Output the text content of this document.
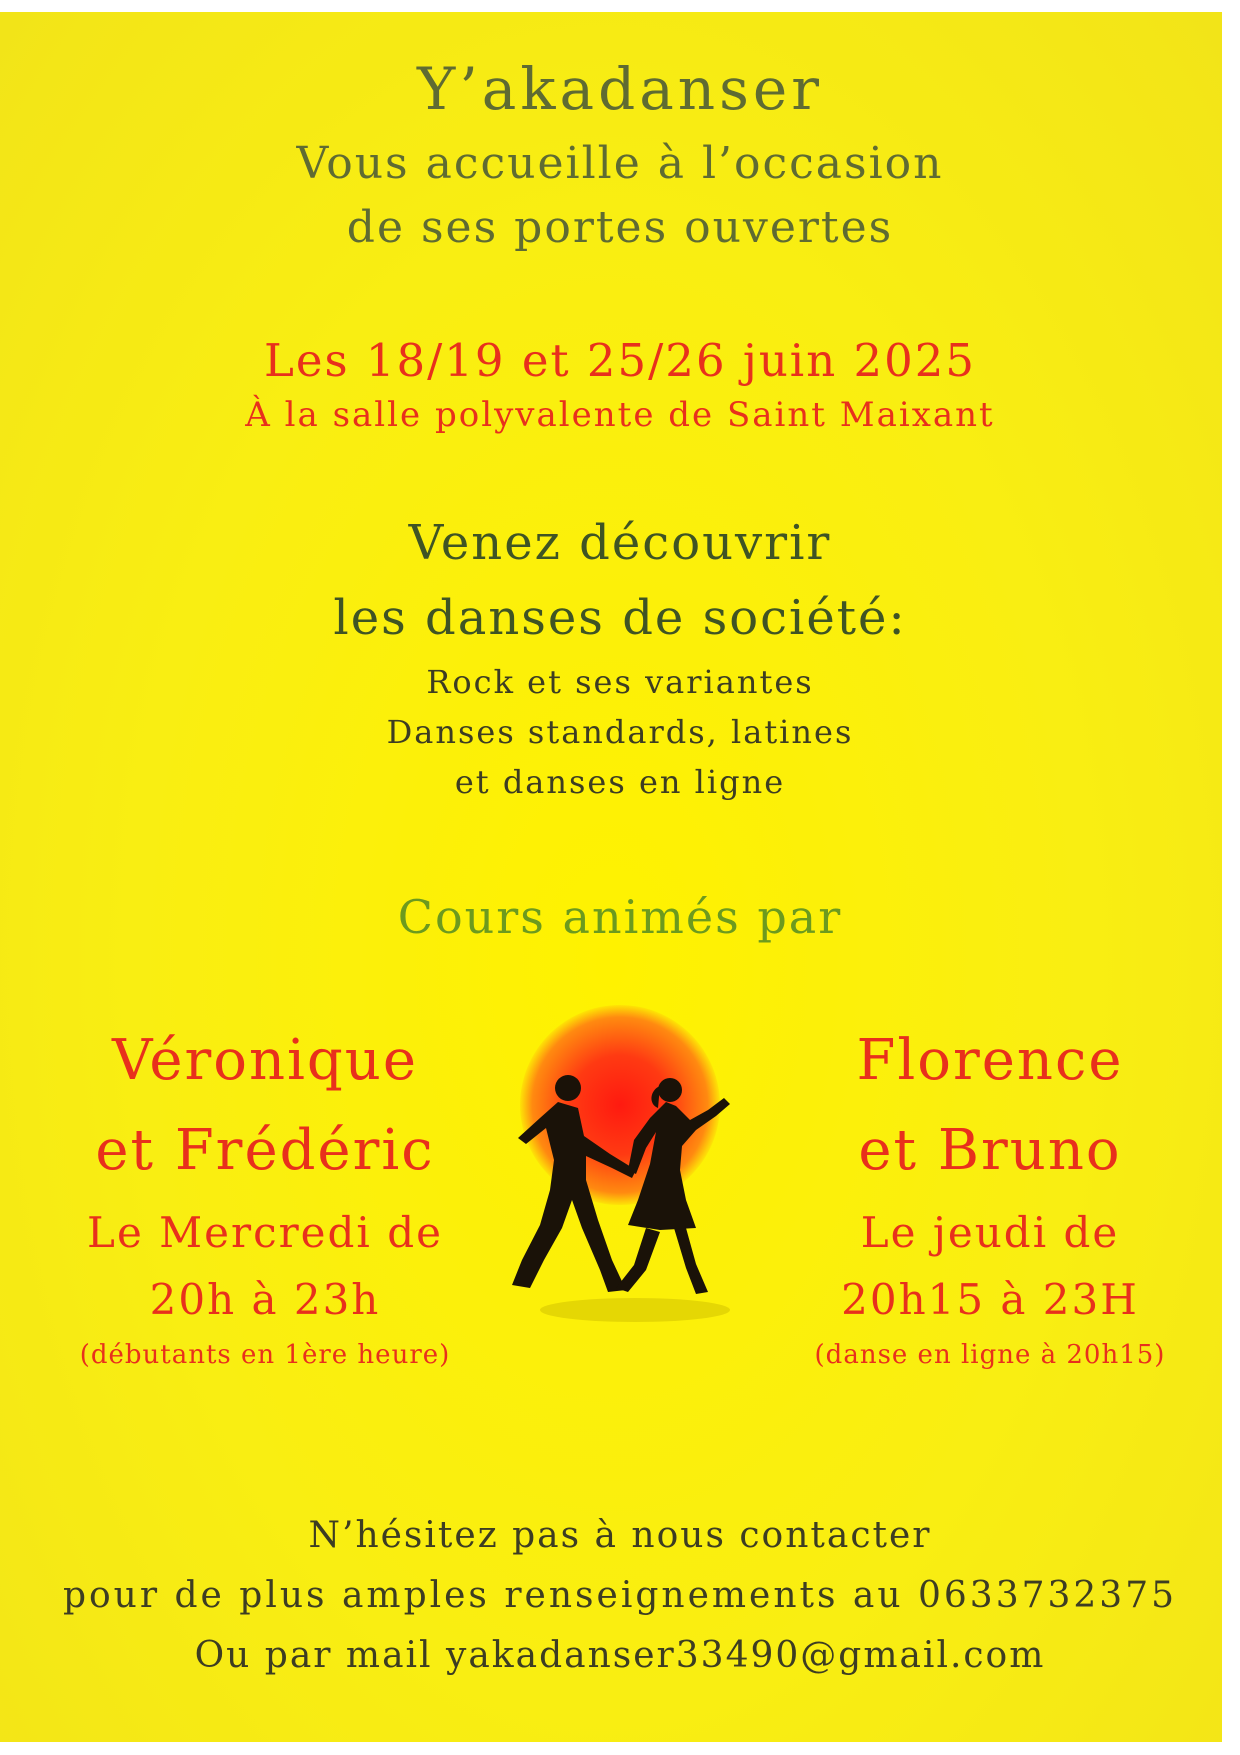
Y’akadanser

Vous accueille à l’occasion

de ses portes ouvertes

Les 18/19 et 25/26 juin 2025

À la salle polyvalente de Saint Maixant

Venez découvrir

les danses de société:

Rock et ses variantes

Danses standards, latines

et danses en ligne

Cours animés par

Véronique

et Frédéric

Le Mercredi de

20h à 23h

(débutants en 1ère heure)

Florence

et Bruno

Le jeudi de

20h15 à 23H

(danse en ligne à 20h15)

N’hésitez pas à nous contacter

pour de plus amples renseignements au 0633732375

Ou par mail yakadanser33490@gmail.com
